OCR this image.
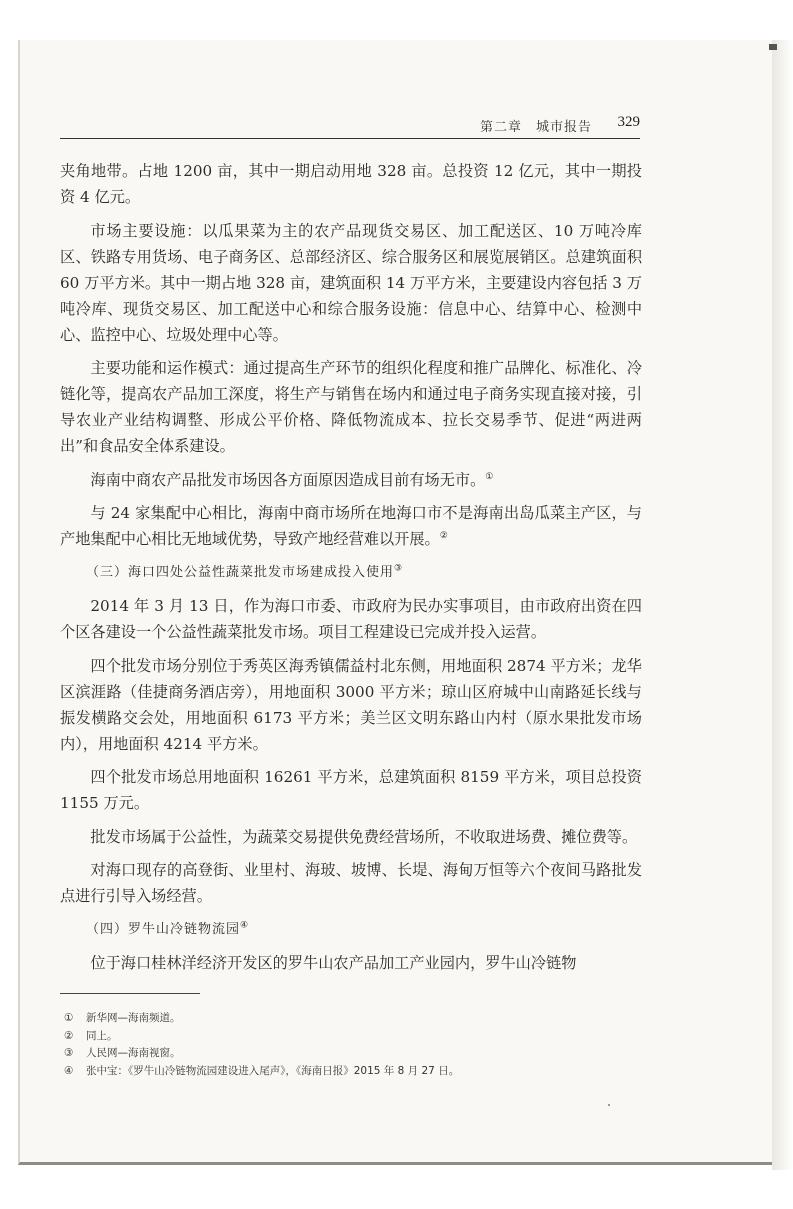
第二章　城市报告 329

夹角地带。占地 1200 亩，其中一期启动用地 328 亩。总投资 12 亿元，其中一期投资 4 亿元。

市场主要设施：以瓜果菜为主的农产品现货交易区、加工配送区、10 万吨冷库区、铁路专用货场、电子商务区、总部经济区、综合服务区和展览展销区。总建筑面积 60 万平方米。其中一期占地 328 亩，建筑面积 14 万平方米，主要建设内容包括 3 万吨冷库、现货交易区、加工配送中心和综合服务设施：信息中心、结算中心、检测中心、监控中心、垃圾处理中心等。

主要功能和运作模式：通过提高生产环节的组织化程度和推广品牌化、标准化、冷链化等，提高农产品加工深度，将生产与销售在场内和通过电子商务实现直接对接，引导农业产业结构调整、形成公平价格、降低物流成本、拉长交易季节、促进“两进两出”和食品安全体系建设。

海南中商农产品批发市场因各方面原因造成目前有场无市。①

与 24 家集配中心相比，海南中商市场所在地海口市不是海南出岛瓜菜主产区，与产地集配中心相比无地域优势，导致产地经营难以开展。②

（三）海口四处公益性蔬菜批发市场建成投入使用③

2014 年 3 月 13 日，作为海口市委、市政府为民办实事项目，由市政府出资在四个区各建设一个公益性蔬菜批发市场。项目工程建设已完成并投入运营。

四个批发市场分别位于秀英区海秀镇儒益村北东侧，用地面积 2874 平方米；龙华区滨涯路（佳捷商务酒店旁），用地面积 3000 平方米；琼山区府城中山南路延长线与振发横路交会处，用地面积 6173 平方米；美兰区文明东路山内村（原水果批发市场内），用地面积 4214 平方米。

四个批发市场总用地面积 16261 平方米，总建筑面积 8159 平方米，项目总投资 1155 万元。

批发市场属于公益性，为蔬菜交易提供免费经营场所，不收取进场费、摊位费等。

对海口现存的高登街、业里村、海玻、坡博、长堤、海甸万恒等六个夜间马路批发点进行引导入场经营。

（四）罗牛山冷链物流园④

位于海口桂林洋经济开发区的罗牛山农产品加工产业园内，罗牛山冷链物

①	新华网—海南频道。
②	同上。
③	人民网—海南视窗。
④	张中宝：《罗牛山冷链物流园建设进入尾声》，《海南日报》2015 年 8 月 27 日。
